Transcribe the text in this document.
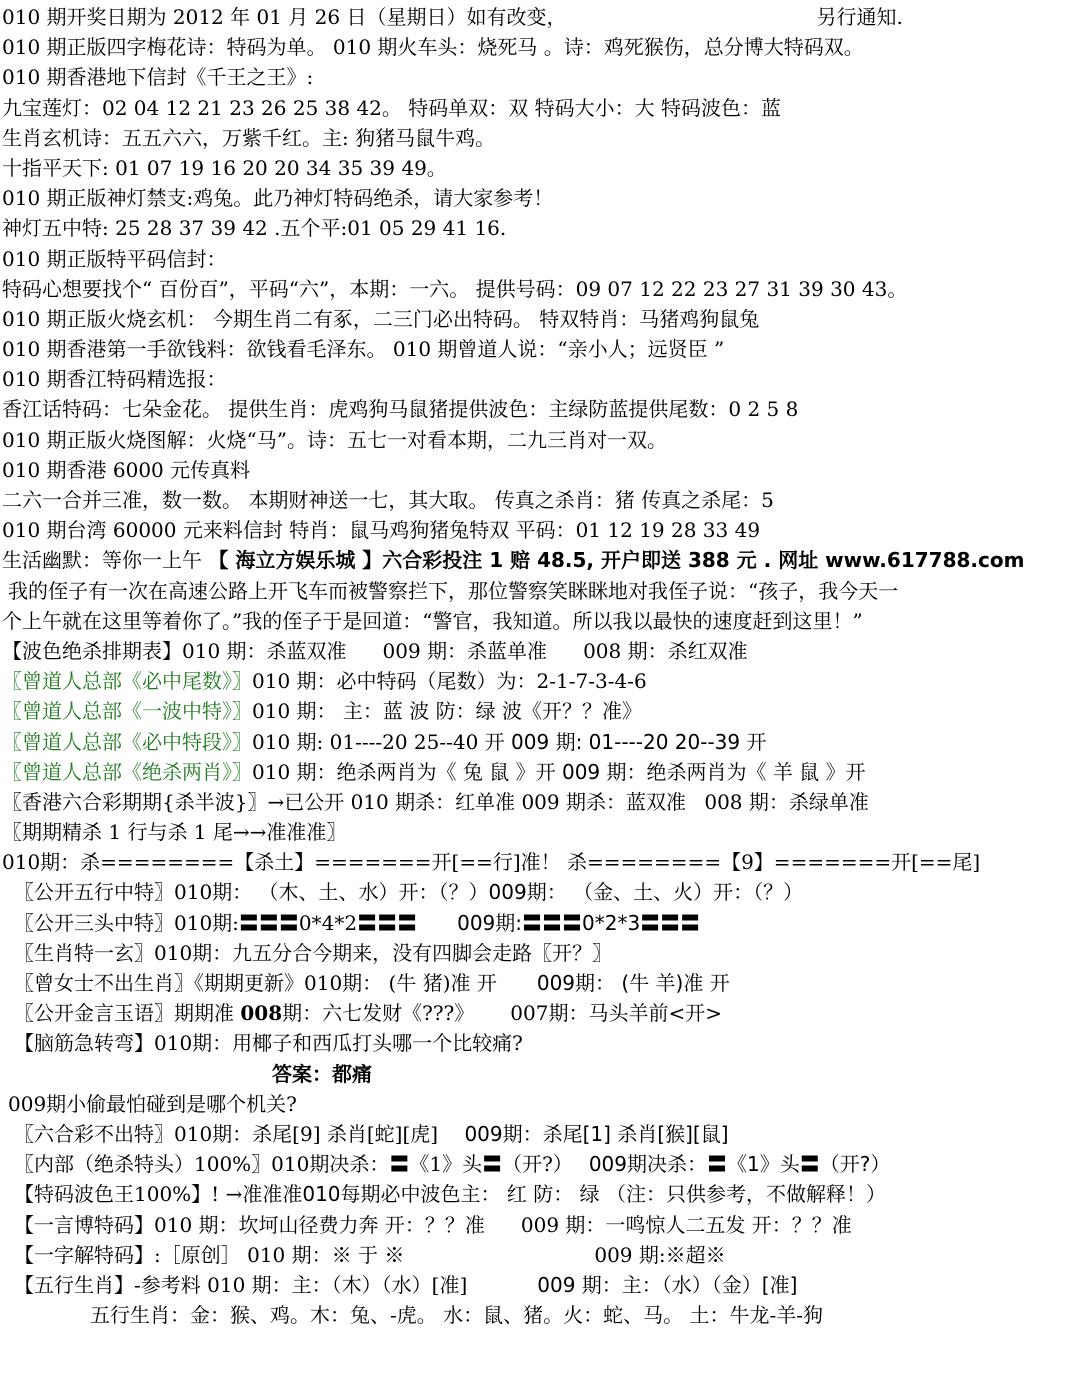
010 期开奖日期为 2012 年 01 月 26 日（星期日）如有改变，	另行通知.
010 期正版四字梅花诗：特码为单。 010 期火车头：烧死马 。诗：鸡死猴伤，总分博大特码双。
010 期香港地下信封《千王之王》:
九宝莲灯：02 04 12 21 23 26 25 38 42。 特码单双：双 特码大小：大 特码波色：蓝
生肖玄机诗：五五六六，万紫千红。主: 狗猪马鼠牛鸡。
十指平天下: 01 07 19 16 20 20 34 35 39 49。
010 期正版神灯禁支:鸡兔。此乃神灯特码绝杀，请大家参考！
神灯五中特: 25 28 37 39 42 .五个平:01 05 29 41 16.
010 期正版特平码信封：
特码心想要找个“ 百份百”，平码“六”，本期：一六。 提供号码：09 07 12 22 23 27 31 39 30 43。
010 期正版火烧玄机： 今期生肖二有豖，二三门必出特码。 特双特肖：马猪鸡狗鼠兔
010 期香港第一手欲钱料：欲钱看毛泽东。 010 期曾道人说：“亲小人；远贤臣 ”
010 期香江特码精选报：
香江话特码：七朵金花。 提供生肖：虎鸡狗马鼠猪提供波色：主绿防蓝提供尾数：0 2 5 8
010 期正版火烧图解：火烧“马”。诗：五七一对看本期，二九三肖对一双。
010 期香港 6000 元传真料
二六一合并三准，数一数。 本期财神送一七，其大取。 传真之杀肖：猪 传真之杀尾：5
010 期台湾 60000 元来料信封 特肖：鼠马鸡狗猪兔特双 平码：01 12 19 28 33 49
生活幽默：等你一上午 【 海立方娱乐城 】六合彩投注 1 赔 48.5, 开户即送 388 元 . 网址 www.617788.com
我的侄子有一次在高速公路上开飞车而被警察拦下，那位警察笑眯眯地对我侄子说：“孩子，我今天一
个上午就在这里等着你了。”我的侄子于是回道：“警官，我知道。所以我以最快的速度赶到这里！”
【波色绝杀排期表】010 期：杀蓝双准 009 期：杀蓝单准 008 期：杀红双准
〖曾道人总部《必中尾数》〗010 期：必中特码（尾数）为：2-1-7-3-4-6
〖曾道人总部《一波中特》〗010 期： 主：蓝 波 防：绿 波《开？？准》
〖曾道人总部《必中特段》〗010 期: 01----20 25--40 开 009 期: 01----20 20--39 开
〖曾道人总部《绝杀两肖》〗010 期：绝杀两肖为《 兔 鼠 》开 009 期：绝杀两肖为《 羊 鼠 》开
〖香港六合彩期期{杀半波}〗→已公开 010 期杀：红单准 009 期杀：蓝双准 008 期：杀绿单准
〖期期精杀 1 行与杀 1 尾→→准准准〗
010期：杀========【杀土】=======开[==行]准！ 杀========【9】=======开[==尾]
〖公开五行中特〗010期： （木、土、水）开：（？）009期： （金、土、火）开：（？）
〖公开三头中特〗010期:〓〓〓0*4*2〓〓〓 009期:〓〓〓0*2*3〓〓〓
〖生肖特一玄〗010期：九五分合今期来，没有四脚会走路〖开？〗
〖曾女士不出生肖〗《期期更新》010期： (牛 猪)准 开 009期： (牛 羊)准 开
〖公开金言玉语〗期期准 008期：六七发财《???》 007期：马头羊前<开>
【脑筋急转弯】010期：用椰子和西瓜打头哪一个比较痛?
答案：都痛
009期小偷最怕碰到是哪个机关?
〖六合彩不出特〗010期：杀尾[9] 杀肖[蛇][虎] 009期：杀尾[1] 杀肖[猴][鼠]
〖内部（绝杀特头）100%〗010期决杀：〓《1》头〓（开?） 009期决杀：〓《1》头〓（开?）
【特码波色王100%】! →准准准010每期必中波色主： 红 防： 绿 （注：只供参考，不做解释！）
【一言博特码】010 期：坎坷山径费力奔 开：？？准 009 期：一鸣惊人二五发 开：？？准
【一字解特码】:［原创］ 010 期：※ 于 ※	009 期:※超※
【五行生肖】-参考料 010 期：主：（木）（水）[准]	009 期：主：（水）（金）[准]
五行生肖：金：猴、鸡。木：兔、-虎。 水：鼠、猪。火：蛇、马。 土：牛龙-羊-狗
